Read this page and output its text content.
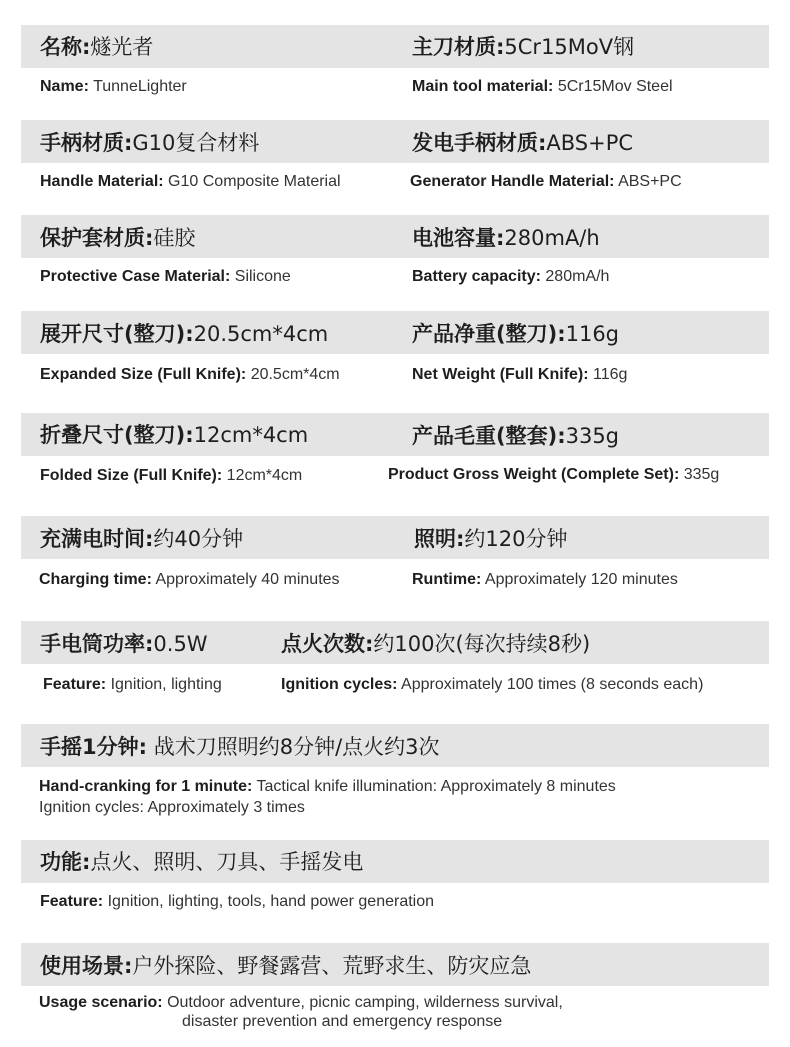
名称:燧光者	主刀材质:5Cr15MoV钢
Name: TunneLighter	Main tool material: 5Cr15Mov Steel
手柄材质:G10复合材料	发电手柄材质:ABS+PC
Handle Material: G10 Composite Material	Generator Handle Material: ABS+PC
保护套材质:硅胶	电池容量:280mA/h
Protective Case Material: Silicone	Battery capacity: 280mA/h
展开尺寸(整刀):20.5cm*4cm	产品净重(整刀):116g
Expanded Size (Full Knife): 20.5cm*4cm	Net Weight (Full Knife): 116g
折叠尺寸(整刀):12cm*4cm	产品毛重(整套):335g
Folded Size (Full Knife): 12cm*4cm	Product Gross Weight (Complete Set): 335g
充满电时间:约40分钟	照明:约120分钟
Charging time: Approximately 40 minutes	Runtime: Approximately 120 minutes
手电筒功率:0.5W	点火次数:约100次(每次持续8秒)
Feature: Ignition, lighting	Ignition cycles: Approximately 100 times (8 seconds each)
手摇1分钟: 战术刀照明约8分钟/点火约3次
Hand-cranking for 1 minute: Tactical knife illumination: Approximately 8 minutes
Ignition cycles: Approximately 3 times
功能:点火、照明、刀具、手摇发电
Feature: Ignition, lighting, tools, hand power generation
使用场景:户外探险、野餐露营、荒野求生、防灾应急
Usage scenario: Outdoor adventure, picnic camping, wilderness survival,
disaster prevention and emergency response
